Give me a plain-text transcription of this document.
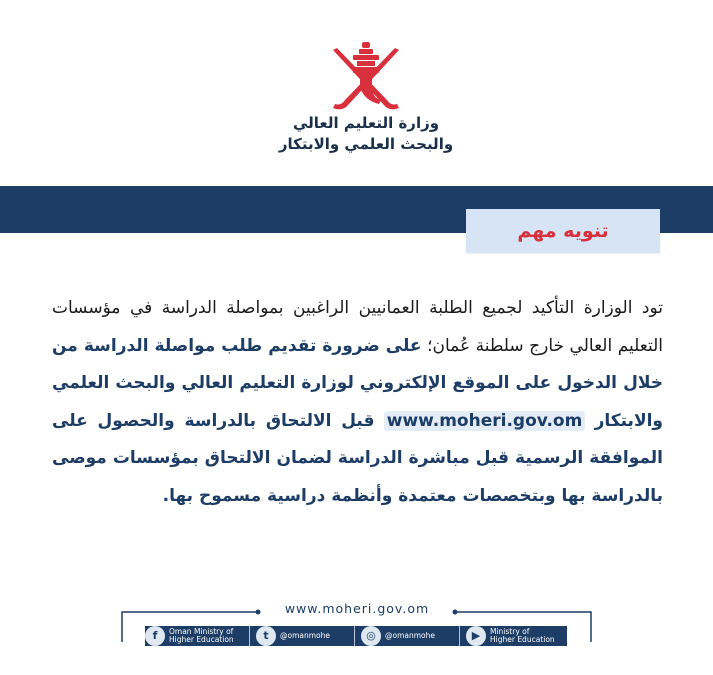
وزارة التعليم العالي
والبحث العلمي والابتكار
تنويه مهم
تود الوزارة التأكيد لجميع الطلبة العمانيين الراغبين بمواصلة الدراسة في مؤسسات التعليم العالي خارج سلطنة عُمان؛ على ضرورة تقديم طلب مواصلة الدراسة من خلال الدخول على الموقع الإلكتروني لوزارة التعليم العالي والبحث العلمي والابتكار www.moheri.gov.om قبل الالتحاق بالدراسة والحصول على الموافقة الرسمية قبل مباشرة الدراسة لضمان الالتحاق بمؤسسات موصى بالدراسة بها وبتخصصات معتمدة وأنظمة دراسية مسموح بها.
www.moheri.gov.om
f	Oman Ministry of
Higher Education	t	@omanmohe	◎	@omanmohe	▶	Ministry of
Higher Education
